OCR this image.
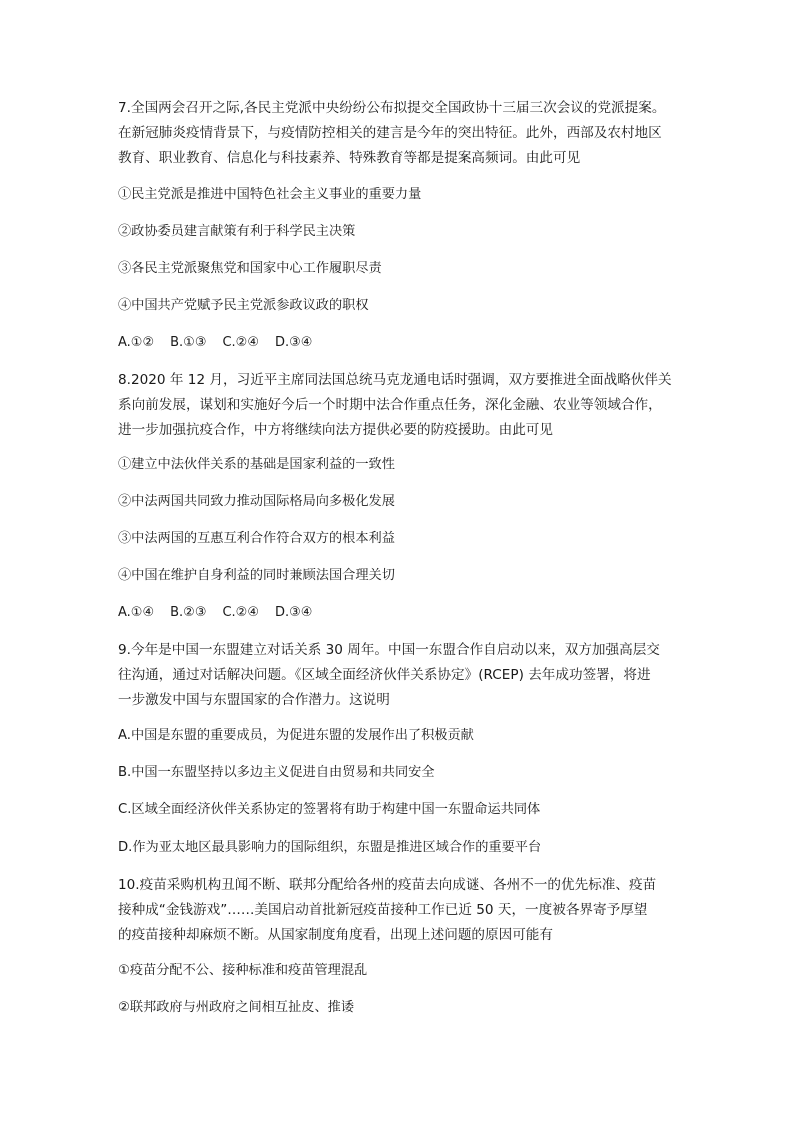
7.全国两会召开之际,各民主党派中央纷纷公布拟提交全国政协十三届三次会议的党派提案。

在新冠肺炎疫情背景下，与疫情防控相关的建言是今年的突出特征。此外，西部及农村地区

教育、职业教育、信息化与科技素养、特殊教育等都是提案高频词。由此可见

①民主党派是推进中国特色社会主义事业的重要力量

②政协委员建言献策有利于科学民主决策

③各民主党派聚焦党和国家中心工作履职尽责

④中国共产党赋予民主党派参政议政的职权

A.①② B.①③ C.②④ D.③④

8.2020 年 12 月，习近平主席同法国总统马克龙通电话时强调，双方要推进全面战略伙伴关

系向前发展，谋划和实施好今后一个时期中法合作重点任务，深化金融、农业等领域合作，

进一步加强抗疫合作，中方将继续向法方提供必要的防疫援助。由此可见

①建立中法伙伴关系的基础是国家利益的一致性

②中法两国共同致力推动国际格局向多极化发展

③中法两国的互惠互利合作符合双方的根本利益

④中国在维护自身利益的同时兼顾法国合理关切

A.①④ B.②③ C.②④ D.③④

9.今年是中国一东盟建立对话关系 30 周年。中国一东盟合作自启动以来，双方加强高层交

往沟通，通过对话解决问题。《区域全面经济伙伴关系协定》(RCEP) 去年成功签署，将进

一步激发中国与东盟国家的合作潜力。这说明

A.中国是东盟的重要成员，为促进东盟的发展作出了积极贡献

B.中国一东盟坚持以多边主义促进自由贸易和共同安全

C.区域全面经济伙伴关系协定的签署将有助于构建中国一东盟命运共同体

D.作为亚太地区最具影响力的国际组织，东盟是推进区域合作的重要平台

10.疫苗采购机构丑闻不断、联邦分配给各州的疫苗去向成谜、各州不一的优先标准、疫苗

接种成“金钱游戏”……美国启动首批新冠疫苗接种工作已近 50 天，一度被各界寄予厚望

的疫苗接种却麻烦不断。从国家制度角度看，出现上述问题的原因可能有

①疫苗分配不公、接种标准和疫苗管理混乱

②联邦政府与州政府之间相互扯皮、推诿
